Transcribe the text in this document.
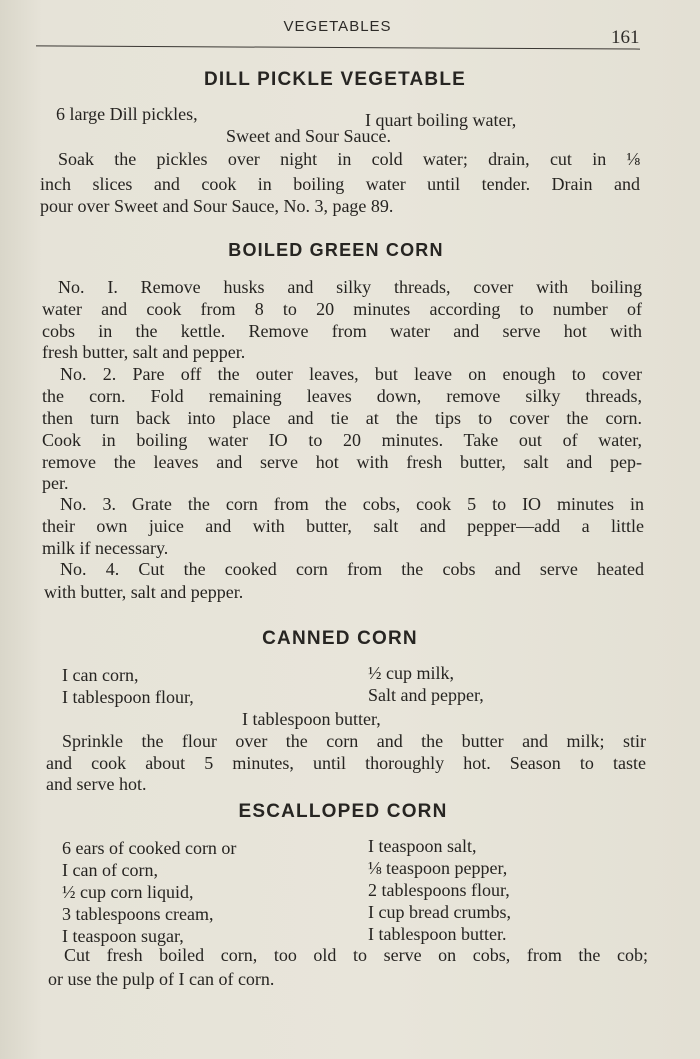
VEGETABLES
161
DILL PICKLE VEGETABLE
6 large Dill pickles,	I quart boiling water,
Sweet and Sour Sauce.
Soak the pickles over night in cold water; drain, cut in ⅛
inch slices and cook in boiling water until tender. Drain and
pour over Sweet and Sour Sauce, No. 3, page 89.
BOILED GREEN CORN
No. I. Remove husks and silky threads, cover with boiling
water and cook from 8 to 20 minutes according to number of
cobs in the kettle. Remove from water and serve hot with
fresh butter, salt and pepper.
No. 2. Pare off the outer leaves, but leave on enough to cover
the corn. Fold remaining leaves down, remove silky threads,
then turn back into place and tie at the tips to cover the corn.
Cook in boiling water IO to 20 minutes. Take out of water,
remove the leaves and serve hot with fresh butter, salt and pep-
per.
No. 3. Grate the corn from the cobs, cook 5 to IO minutes in
their own juice and with butter, salt and pepper—add a little
milk if necessary.
No. 4. Cut the cooked corn from the cobs and serve heated
with butter, salt and pepper.
CANNED CORN
I can corn,
I tablespoon flour,
½ cup milk,
Salt and pepper,
I tablespoon butter,
Sprinkle the flour over the corn and the butter and milk; stir
and cook about 5 minutes, until thoroughly hot. Season to taste
and serve hot.
ESCALLOPED CORN
6 ears of cooked corn or
I can of corn,
½ cup corn liquid,
3 tablespoons cream,
I teaspoon sugar,
I teaspoon salt,
⅛ teaspoon pepper,
2 tablespoons flour,
I cup bread crumbs,
I tablespoon butter.
Cut fresh boiled corn, too old to serve on cobs, from the cob;
or use the pulp of I can of corn.
